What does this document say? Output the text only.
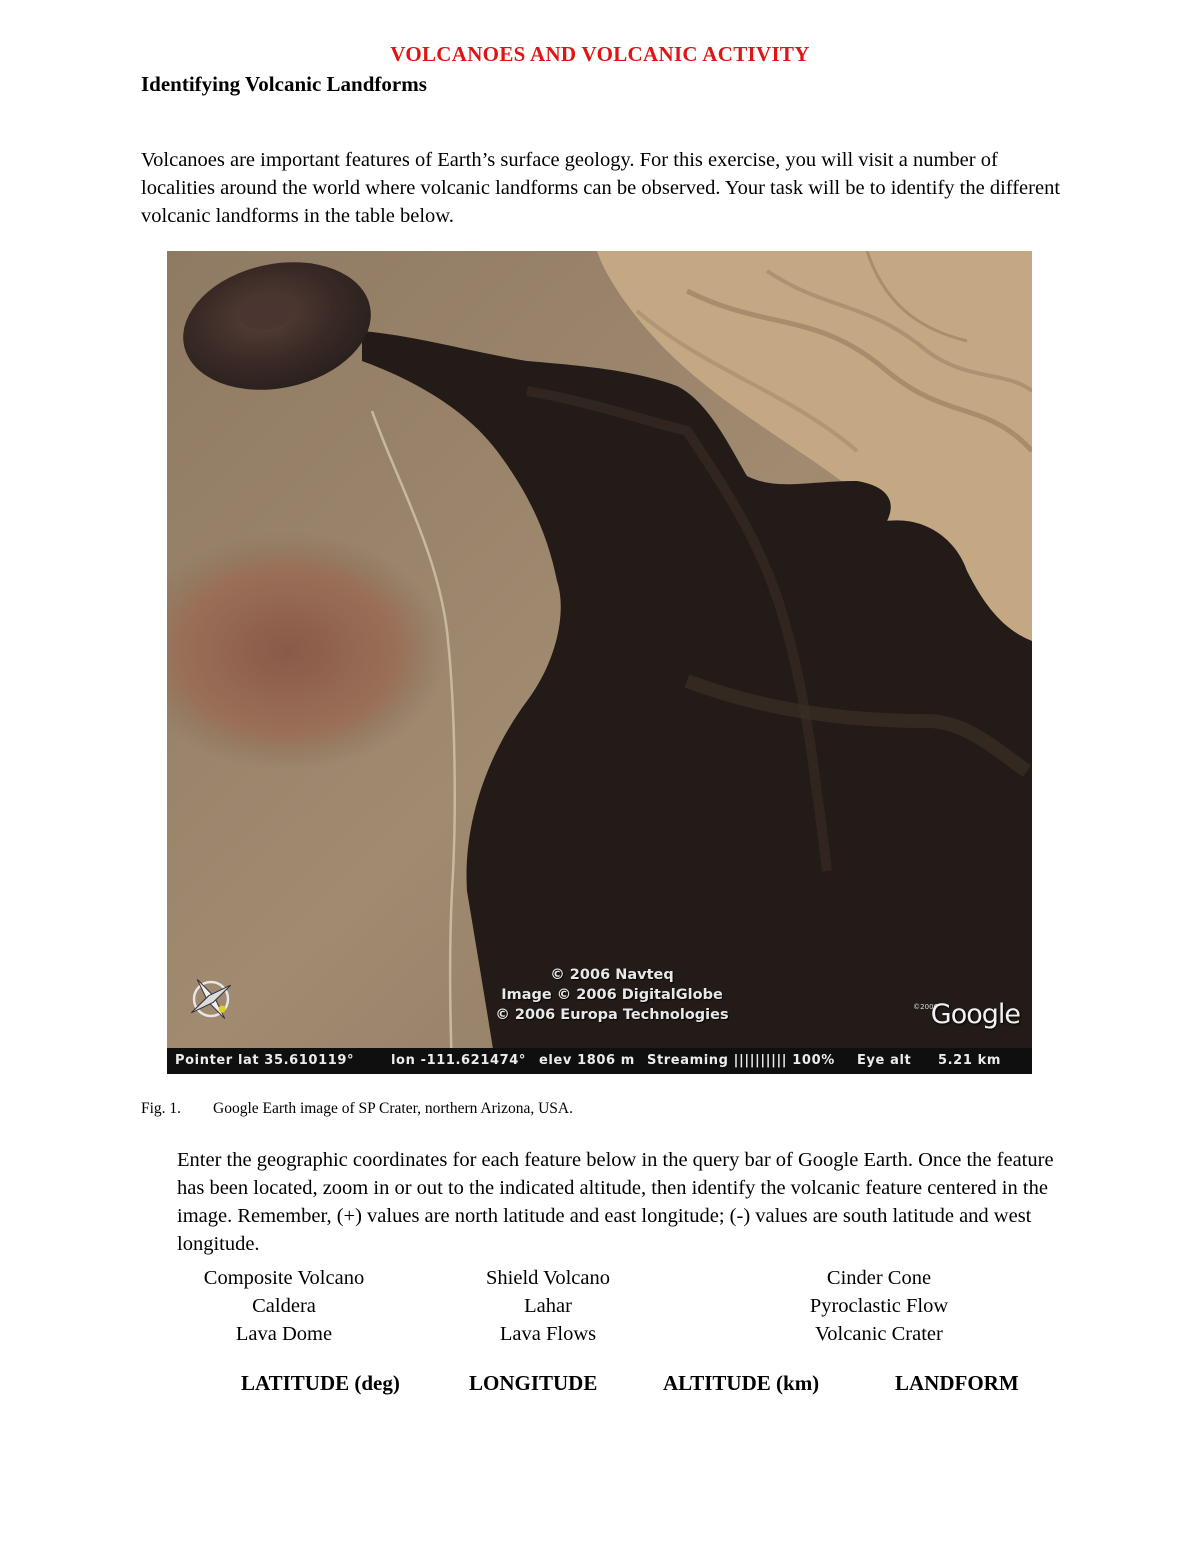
VOLCANOES AND VOLCANIC ACTIVITY
Identifying Volcanic Landforms
Volcanoes are important features of Earth’s surface geology. For this exercise, you will visit a number of localities around the world where volcanic landforms can be observed. Your task will be to identify the different volcanic landforms in the table below.
© 2006 Navteq
Image © 2006 DigitalGlobe
© 2006 Europa Technologies	©2006
Google
Pointer lat 35.610119°	lon -111.621474° elev 1806 m Streaming |||||||||| 100% Eye alt 5.21 km
Fig. 1. Google Earth image of SP Crater, northern Arizona, USA.
Enter the geographic coordinates for each feature below in the query bar of Google Earth. Once the feature has been located, zoom in or out to the indicated altitude, then identify the volcanic feature centered in the image. Remember, (+) values are north latitude and east longitude; (-) values are south latitude and west longitude.
Composite Volcano	Shield Volcano	Cinder Cone
Caldera	Lahar	Pyroclastic Flow
Lava Dome	Lava Flows	Volcanic Crater
LATITUDE (deg)	LONGITUDE	ALTITUDE (km)	LANDFORM
